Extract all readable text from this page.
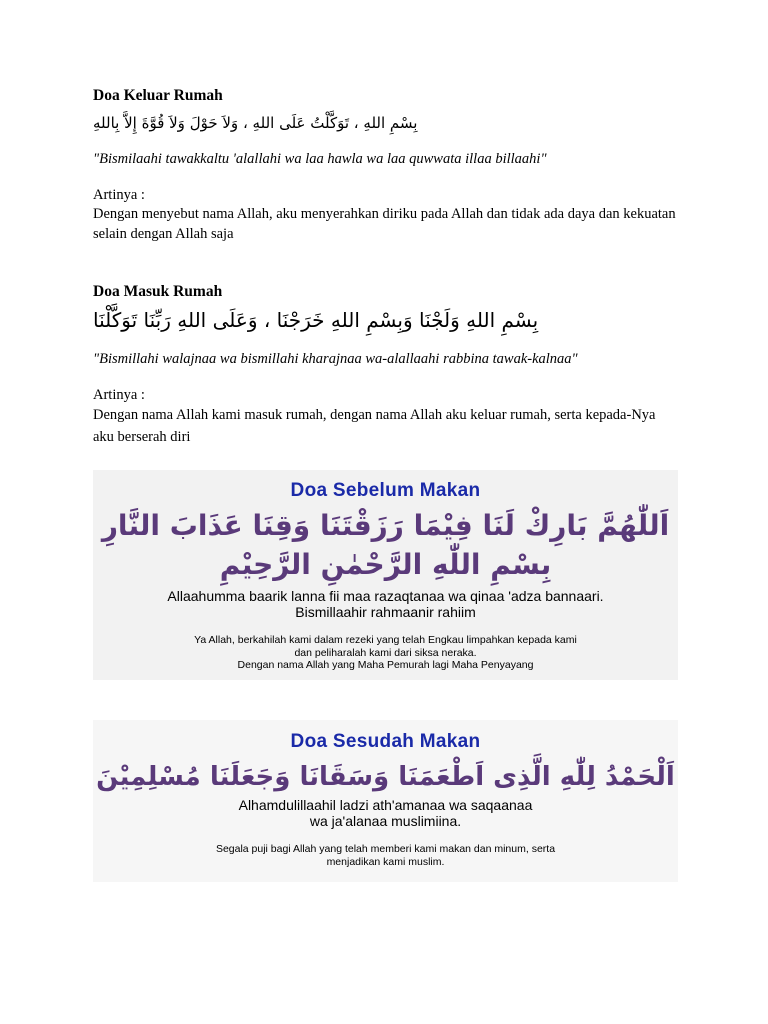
Doa Keluar Rumah

بِسْمِ اللهِ ، تَوَكَّلْتُ عَلَى اللهِ ، وَلاَ حَوْلَ وَلاَ قُوَّةَ إِلاَّ بِاللهِ

"Bismilaahi tawakkaltu 'alallahi wa laa hawla wa laa quwwata illaa billaahi"

Artinya :

Dengan menyebut nama Allah, aku menyerahkan diriku pada Allah dan tidak ada daya dan kekuatan selain dengan Allah saja

Doa Masuk Rumah

بِسْمِ اللهِ وَلَجْنَا وَبِسْمِ اللهِ خَرَجْنَا ، وَعَلَى اللهِ رَبِّنَا تَوَكَّلْنَا

"Bismillahi walajnaa wa bismillahi kharajnaa wa-alallaahi rabbina tawak-kalnaa"

Artinya :

Dengan nama Allah kami masuk rumah, dengan nama Allah aku keluar rumah, serta kepada-Nya aku berserah diri

Doa Sebelum Makan

اَللّٰهُمَّ بَارِكْ لَنَا فِيْمَا رَزَقْتَنَا وَقِنَا عَذَابَ النَّارِ

بِسْمِ اللّٰهِ الرَّحْمٰنِ الرَّحِيْمِ

Allaahumma baarik lanna fii maa razaqtanaa wa qinaa 'adza bannaari.

Bismillaahir rahmaanir rahiim

Ya Allah, berkahilah kami dalam rezeki yang telah Engkau limpahkan kepada kami

dan peliharalah kami dari siksa neraka.

Dengan nama Allah yang Maha Pemurah lagi Maha Penyayang

Doa Sesudah Makan

اَلْحَمْدُ لِلّٰهِ الَّذِى اَطْعَمَنَا وَسَقَانَا وَجَعَلَنَا مُسْلِمِيْنَ

Alhamdulillaahil ladzi ath'amanaa wa saqaanaa

wa ja'alanaa muslimiina.

Segala puji bagi Allah yang telah memberi kami makan dan minum, serta

menjadikan kami muslim.
